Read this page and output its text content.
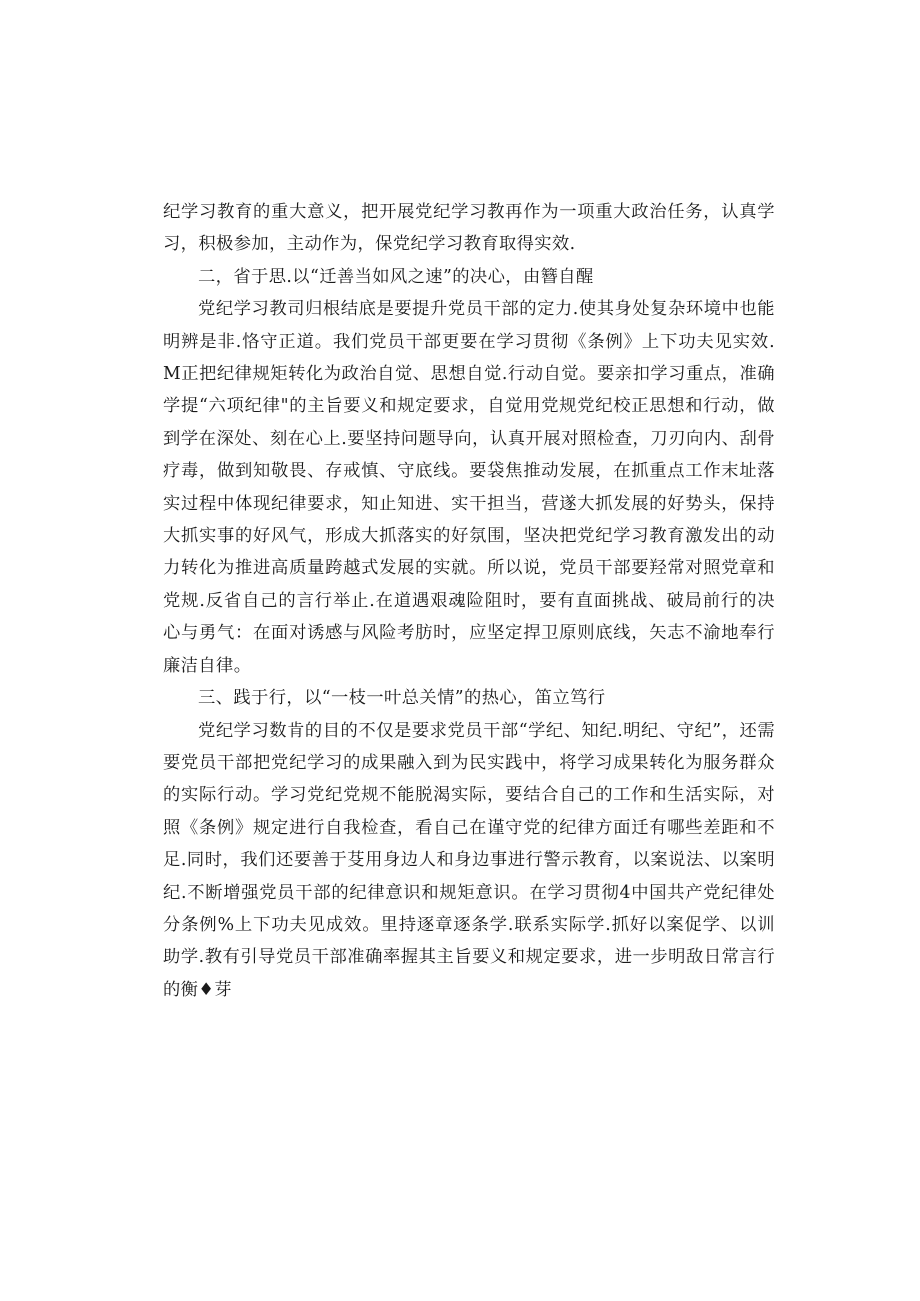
纪学习教育的重大意义，把开展党纪学习教再作为一项重大政治任务，认真学习，积极参加，主动作为，保党纪学习教育取得实效.

二，省于思.以“迁善当如风之速”的决心，由簪自醒

党纪学习教司归根结底是要提升党员干部的定力.使其身处复杂环境中也能明辨是非.恪守正道。我们党员干部更要在学习贯彻《条例》上下功夫见实效.M正把纪律规矩转化为政治自觉、思想自觉.行动自觉。要亲扣学习重点，准确学提“六项纪律"的主旨要义和规定要求，自觉用党规党纪校正思想和行动，做到学在深处、刻在心上.要坚持问题导向，认真开展对照检查，刀刃向内、刮骨疗毒，做到知敬畏、存戒慎、守底线。要袋焦推动发展，在抓重点工作末址落实过程中体现纪律要求，知止知进、实干担当，营遂大抓发展的好势头，保持大抓实事的好风气，形成大抓落实的好氛围，坚决把党纪学习教育激发出的动力转化为推进高质量跨越式发展的实就。所以说，党员干部要羟常对照党章和党规.反省自己的言行举止.在道遇艰魂险阻时，要有直面挑战、破局前行的决心与勇气：在面对诱感与风险考肪时，应坚定捍卫原则底线，矢志不渝地奉行廉洁自律。

三、践于行，以“一枝一叶总关情”的热心，笛立笃行

党纪学习数肯的目的不仅是要求党员干部“学纪、知纪.明纪、守纪”，还需要党员干部把党纪学习的成果融入到为民实践中，将学习成果转化为服务群众的实际行动。学习党纪党规不能脱渴实际，要结合自己的工作和生活实际，对照《条例》规定进行自我检查，看自己在谨守党的纪律方面迁有哪些差距和不足.同时，我们还要善于芟用身边人和身边事进行警示教育，以案说法、以案明纪.不断增强党员干部的纪律意识和规矩意识。在学习贯彻4中国共产党纪律处分条例%上下功夫见成效。里持逐章逐条学.联系实际学.抓好以案促学、以训助学.教有引导党员干部准确率握其主旨要义和规定要求，进一步明敌日常言行的衡♦芽
